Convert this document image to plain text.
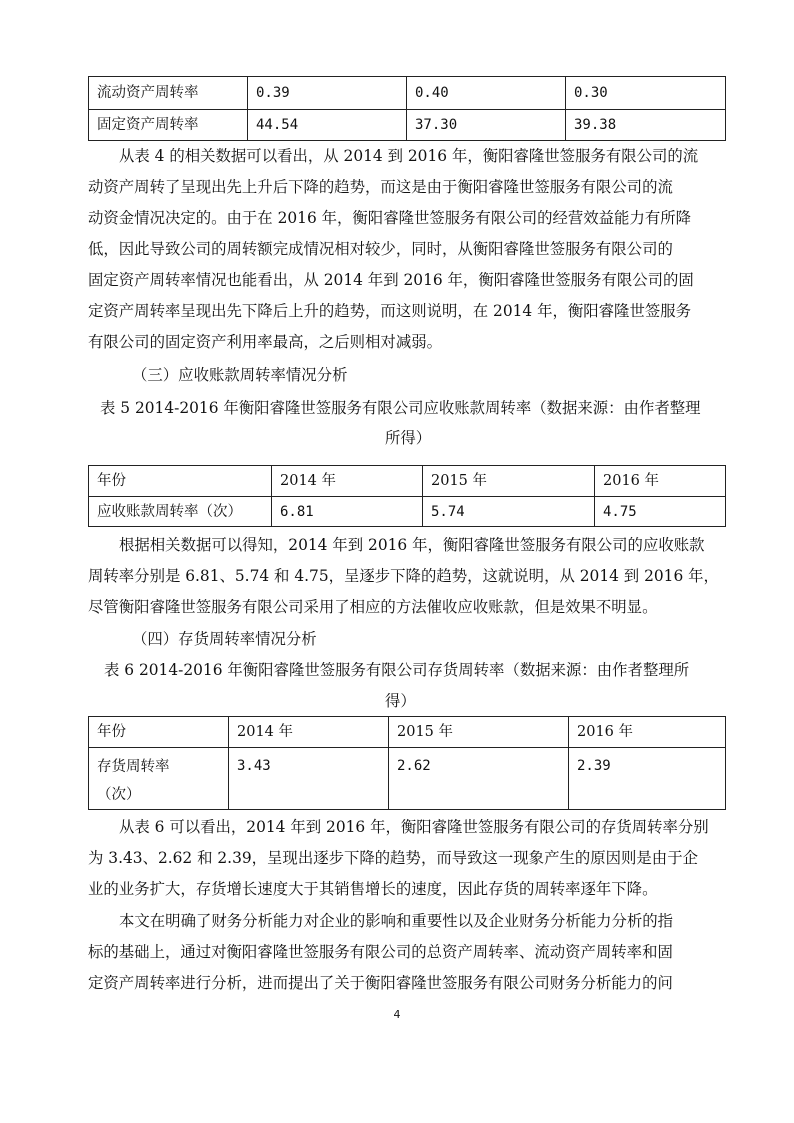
流动资产周转率	0.39	0.40	0.30
固定资产周转率	44.54	37.30	39.38
从表 4 的相关数据可以看出，从 2014 到 2016 年，衡阳睿隆世签服务有限公司的流
动资产周转了呈现出先上升后下降的趋势，而这是由于衡阳睿隆世签服务有限公司的流
动资金情况决定的。由于在 2016 年，衡阳睿隆世签服务有限公司的经营效益能力有所降
低，因此导致公司的周转额完成情况相对较少，同时，从衡阳睿隆世签服务有限公司的
固定资产周转率情况也能看出，从 2014 年到 2016 年，衡阳睿隆世签服务有限公司的固
定资产周转率呈现出先下降后上升的趋势，而这则说明，在 2014 年，衡阳睿隆世签服务
有限公司的固定资产利用率最高，之后则相对减弱。
（三）应收账款周转率情况分析
表 5 2014-2016 年衡阳睿隆世签服务有限公司应收账款周转率（数据来源：由作者整理
所得）
年份	2014 年	2015 年	2016 年
应收账款周转率（次）	6.81	5.74	4.75
根据相关数据可以得知，2014 年到 2016 年，衡阳睿隆世签服务有限公司的应收账款
周转率分别是 6.81、5.74 和 4.75，呈逐步下降的趋势，这就说明，从 2014 到 2016 年，
尽管衡阳睿隆世签服务有限公司采用了相应的方法催收应收账款，但是效果不明显。
（四）存货周转率情况分析
表 6 2014-2016 年衡阳睿隆世签服务有限公司存货周转率（数据来源：由作者整理所
得）
年份	2014 年	2015 年	2016 年

存货周转率
（次）	3.43	2.62	2.39
从表 6 可以看出，2014 年到 2016 年，衡阳睿隆世签服务有限公司的存货周转率分别
为 3.43、2.62 和 2.39，呈现出逐步下降的趋势，而导致这一现象产生的原因则是由于企
业的业务扩大，存货增长速度大于其销售增长的速度，因此存货的周转率逐年下降。
本文在明确了财务分析能力对企业的影响和重要性以及企业财务分析能力分析的指
标的基础上，通过对衡阳睿隆世签服务有限公司的总资产周转率、流动资产周转率和固
定资产周转率进行分析，进而提出了关于衡阳睿隆世签服务有限公司财务分析能力的问
4
